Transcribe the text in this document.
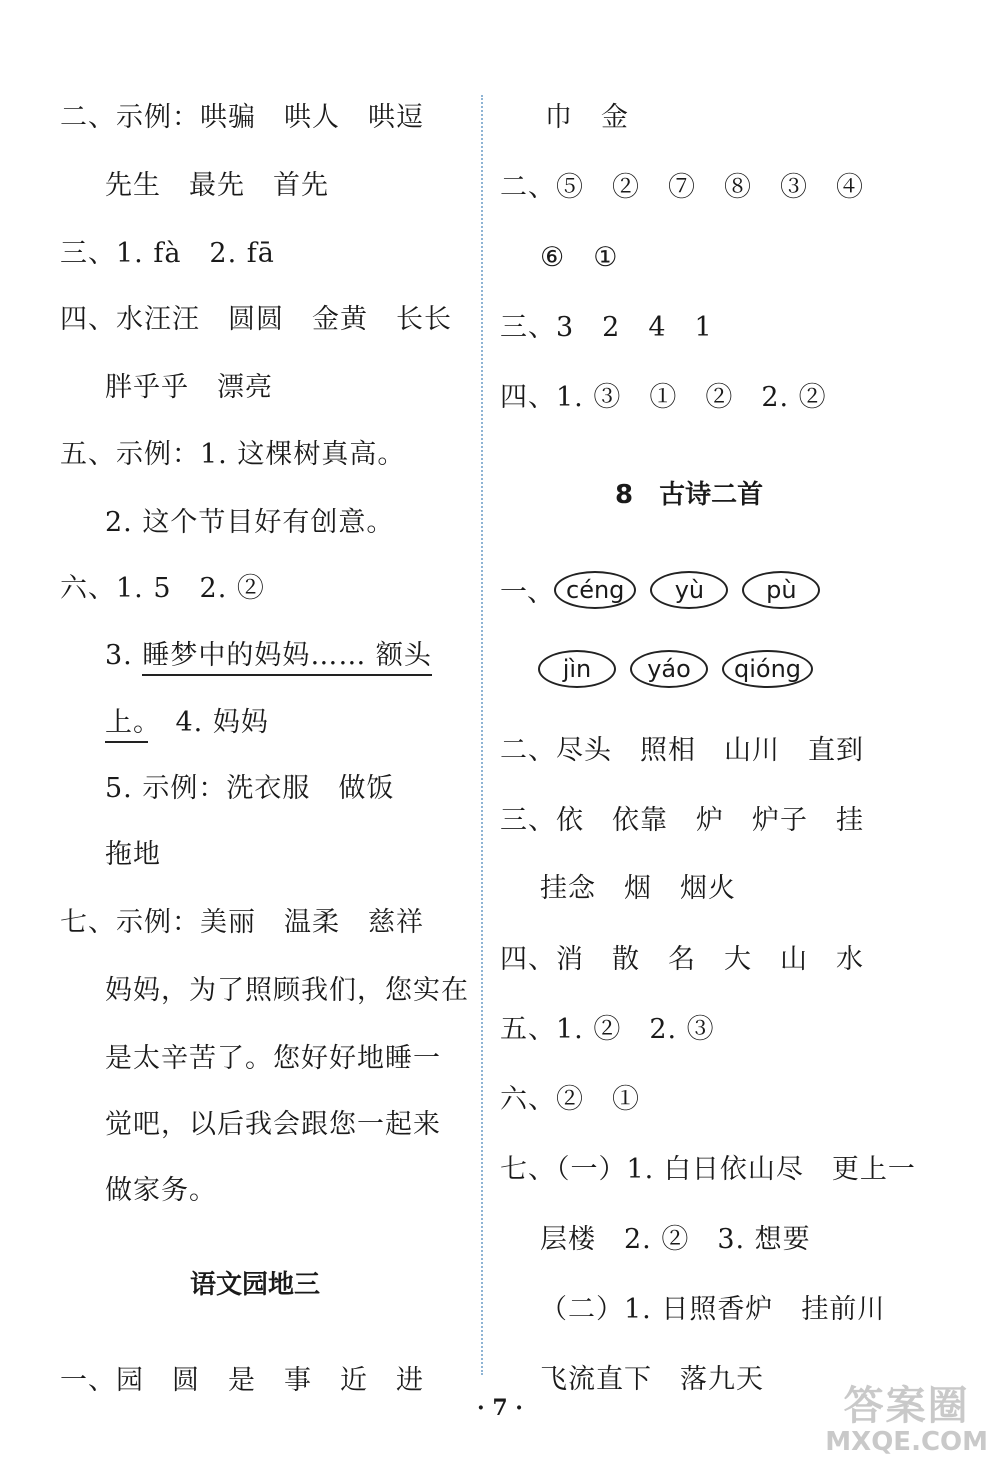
二、示例：哄骗　哄人　哄逗
先生　最先　首先
三、1. fà　2. fā
四、水汪汪　圆圆　金黄　长长
胖乎乎　漂亮
五、示例：1. 这棵树真高。
2. 这个节目好有创意。
六、1. 5　2. ②
3. 睡梦中的妈妈…… 额头
上。　4. 妈妈
5. 示例：洗衣服　做饭
拖地
七、示例：美丽　温柔　慈祥
妈妈，为了照顾我们，您实在
是太辛苦了。您好好地睡一
觉吧，以后我会跟您一起来
做家务。
语文园地三
一、园　圆　是　事　近　进
巾　金
二、⑤　②　⑦　⑧　③　④
⑥　①
三、3　2　4　1
四、1. ③　①　②　2. ②
8　古诗二首
一、 céng	yù	pù
jìn	yáo	qióng
二、尽头　照相　山川　直到
三、依　依靠　炉　炉子　挂
挂念　烟　烟火
四、消　散　名　大　山　水
五、1. ②　2. ③
六、②　①
七、（一）1. 白日依山尽　更上一
层楼　2. ②　3. 想要
（二）1. 日照香炉　挂前川
飞流直下　落九天
· 7 ·	答案圈
MXQE.COM
